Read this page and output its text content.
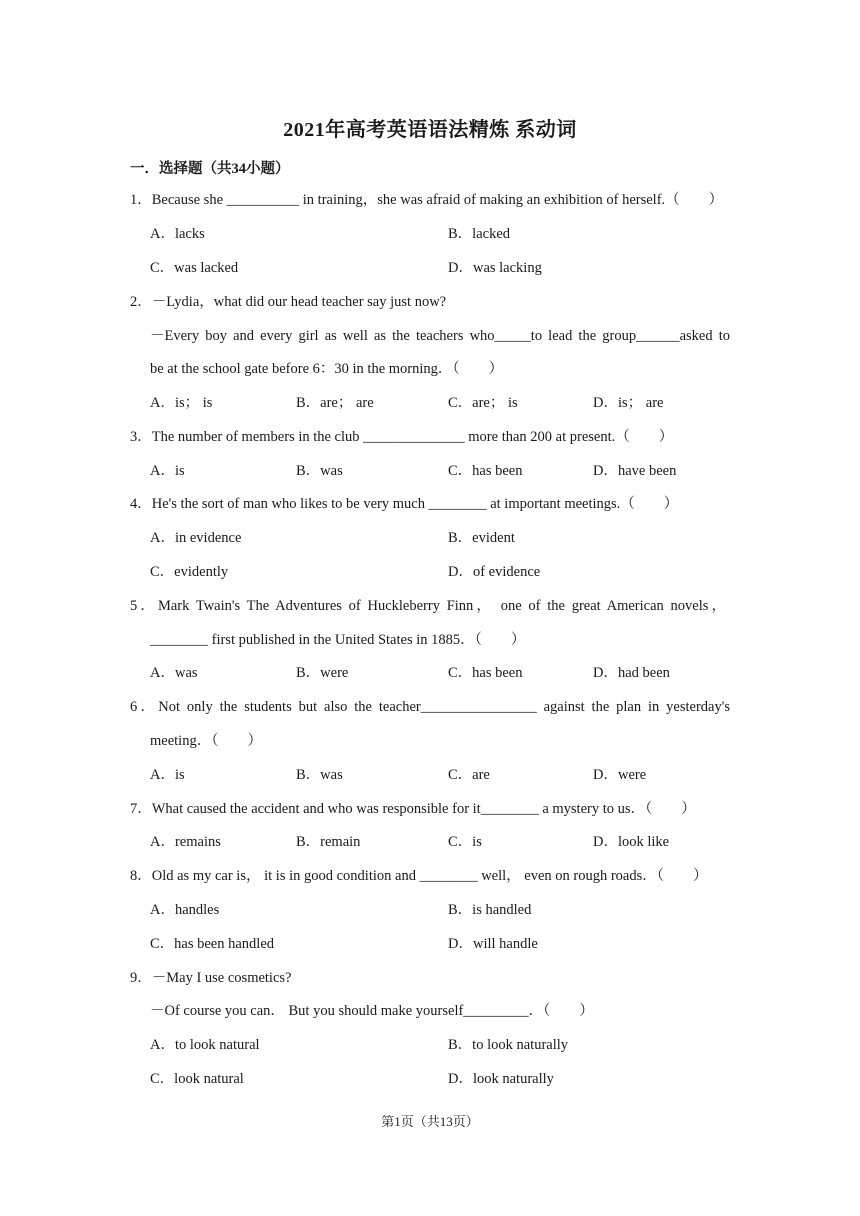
2021年高考英语语法精炼 系动词
一．选择题（共34小题）
1．Because she __________ in training，she was afraid of making an exhibition of herself.（　　）
A．lacks	B．lacked
C．was lacked	D．was lacking
2．－Lydia，what did our head teacher say just now?
－Every boy and every girl as well as the teachers who_____to lead the group______asked to
be at the school gate before 6：30 in the morning．（　　）
A．is； is	B．are； are	C．are； is	D．is； are
3．The number of members in the club ______________ more than 200 at present.（　　）
A．is	B．was	C．has been	D．have been
4．He's the sort of man who likes to be very much ________ at important meetings.（　　）
A．in evidence	B．evident
C．evidently	D．of evidence
5．Mark Twain's The Adventures of Huckleberry Finn， one of the great American novels，
________ first published in the United States in 1885．（　　）
A．was	B．were	C．has been	D．had been
6．Not only the students but also the teacher________________ against the plan in yesterday's
meeting．（　　）
A．is	B．was	C．are	D．were
7．What caused the accident and who was responsible for it________ a mystery to us．（　　）
A．remains	B．remain	C．is	D．look like
8．Old as my car is， it is in good condition and ________ well， even on rough roads．（　　）
A．handles	B．is handled
C．has been handled	D．will handle
9．－May I use cosmetics?
－Of course you can． But you should make yourself_________．（　　）
A．to look natural	B．to look naturally
C．look natural	D．look naturally
第1页（共13页）
